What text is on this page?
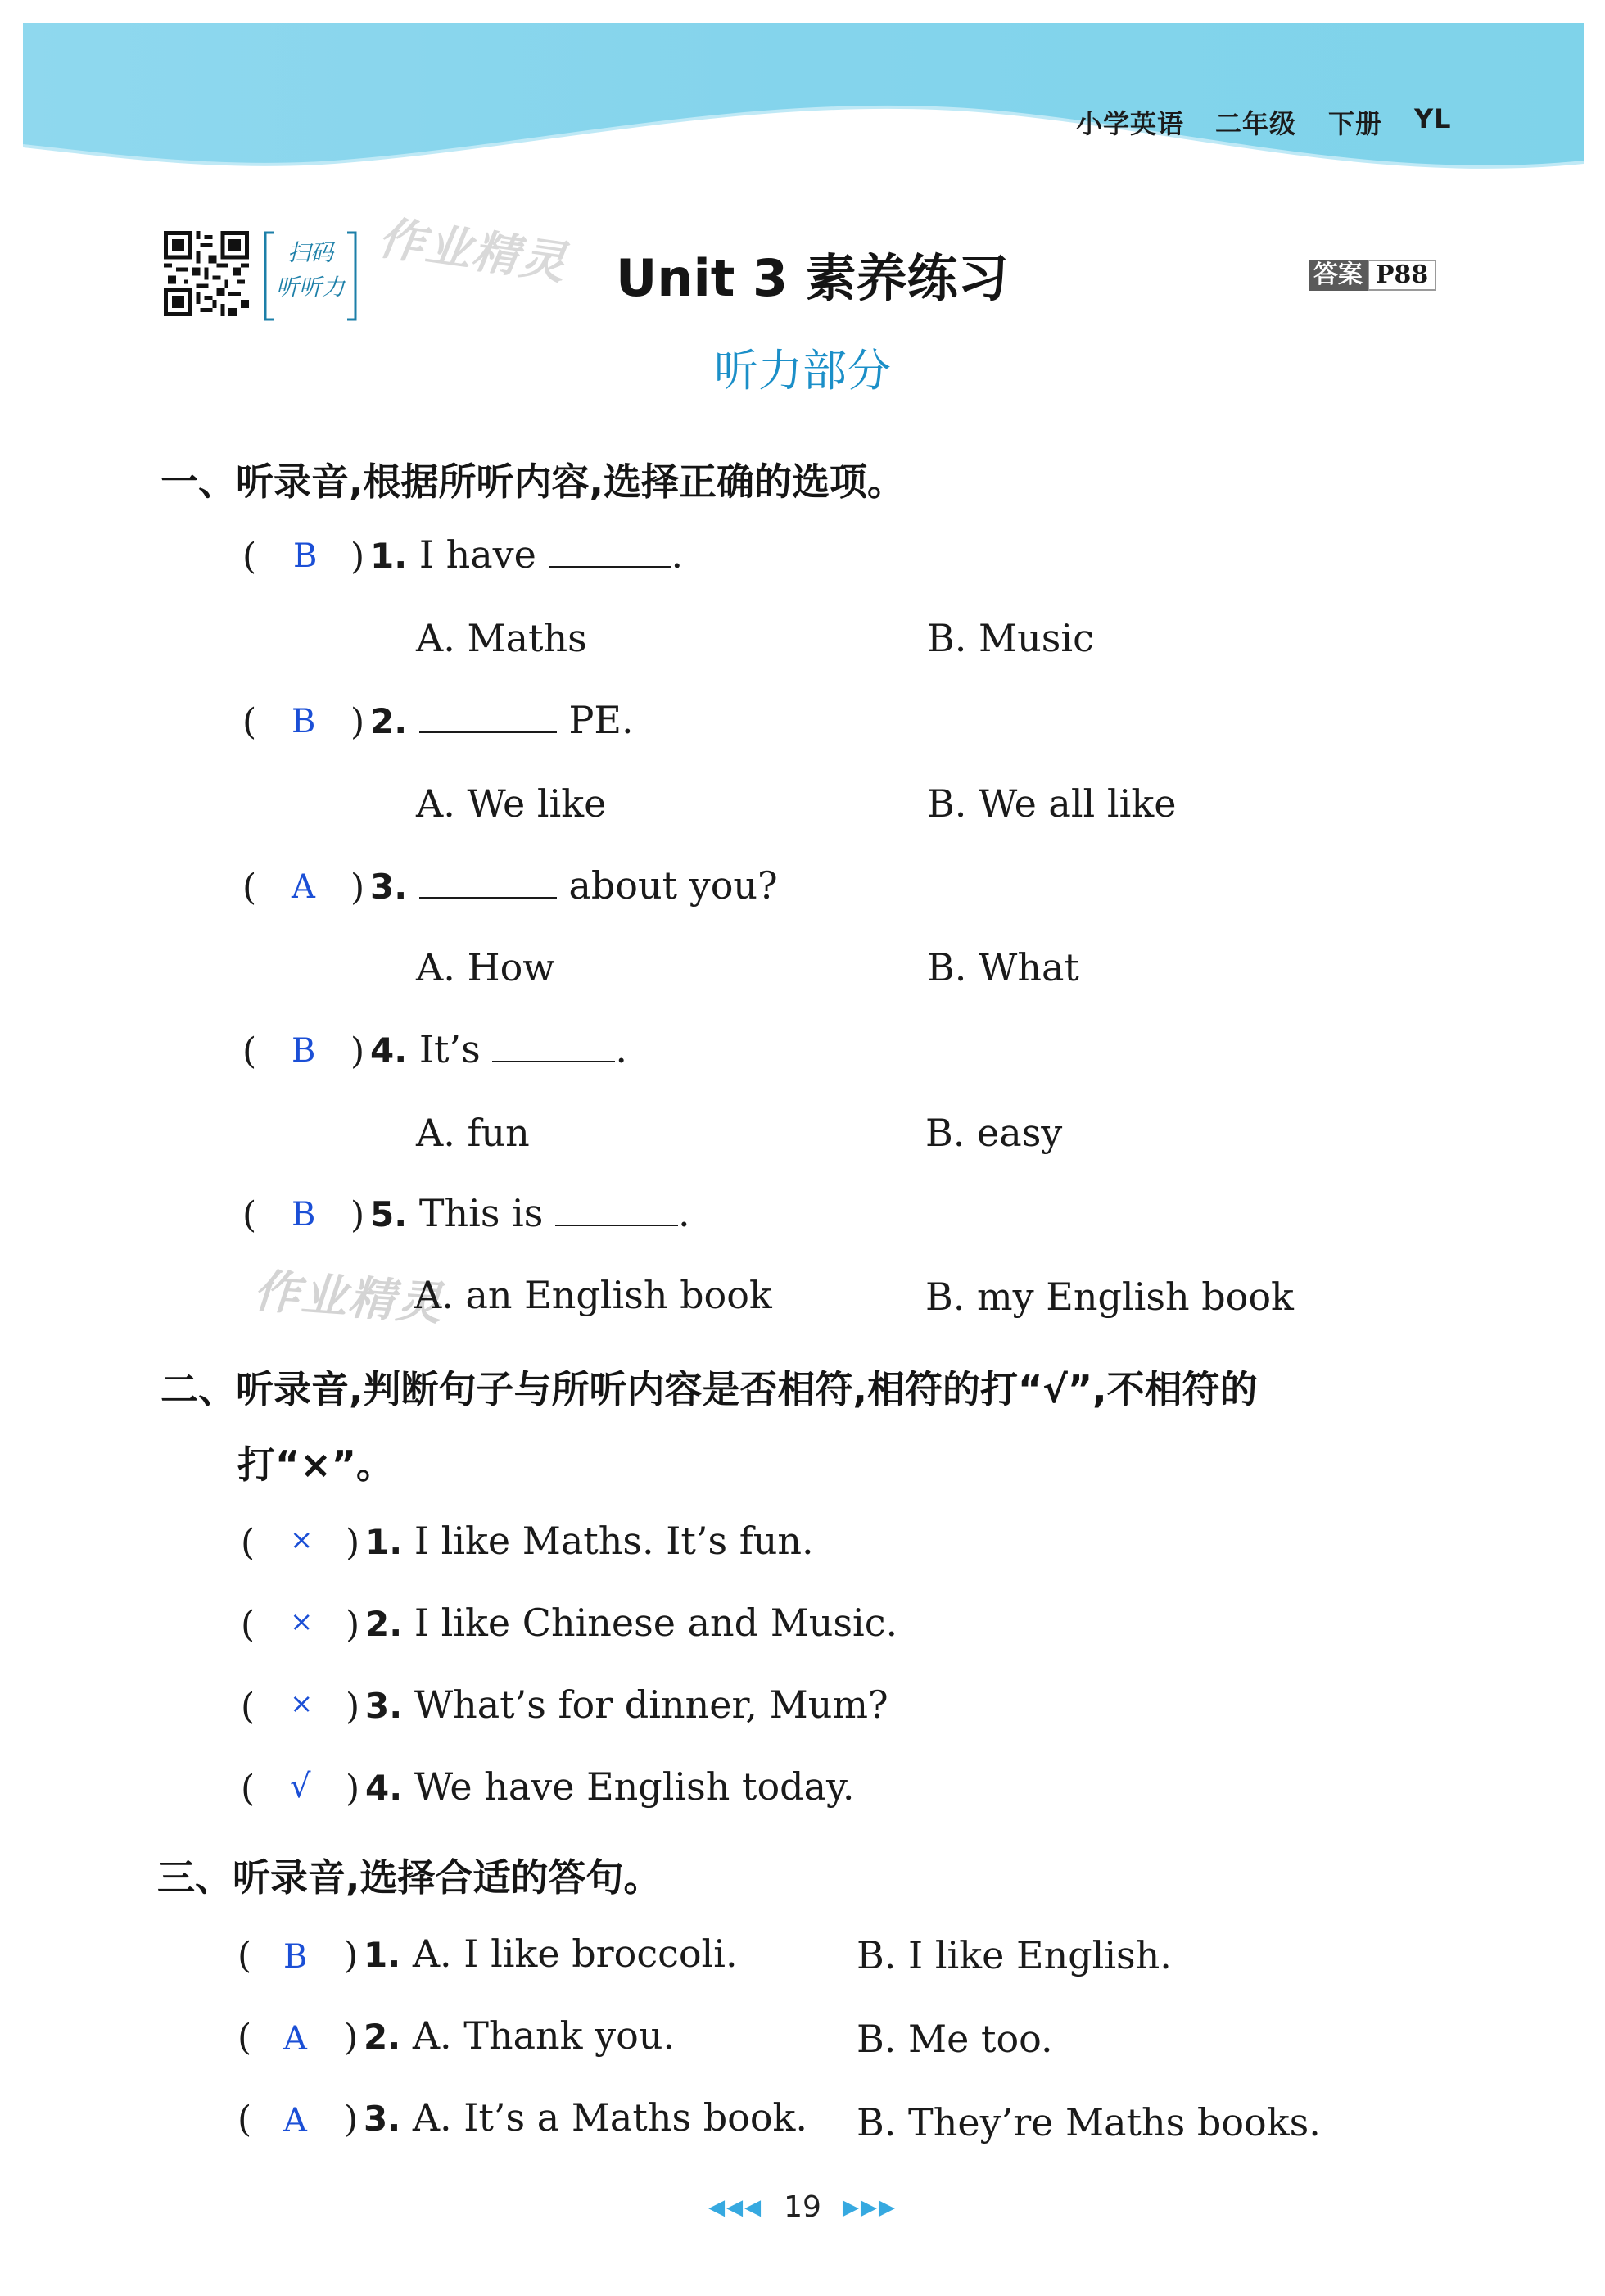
小学英语 二年级 下册 YL
扫码
听听力 作业精灵
作业精灵
Unit 3 素养练习	答案 P88
听力部分
一、听录音,根据所听内容,选择正确的选项。
( B ) 1. I have	.
A. Maths	B. Music
( B ) 2.	PE.
A. We like	B. We all like
( A ) 3.	about you?
A. How	B. What
( B ) 4. It’s	.
A. fun	B. easy
( B ) 5. This is	.
A. an English book	B. my English book
二、听录音,判断句子与所听内容是否相符,相符的打“√”,不相符的
打“×”。
( × ) 1. I like Maths. It’s fun.
( × ) 2. I like Chinese and Music.
( × ) 3. What’s for dinner, Mum?
( √ ) 4. We have English today.
三、听录音,选择合适的答句。
( B ) 1. A. I like broccoli.	B. I like English.
( A ) 2. A. Thank you.	B. Me too.
( A ) 3. A. It’s a Maths book. B. They’re Maths books.
◀◀◀ 19 ▶▶▶
